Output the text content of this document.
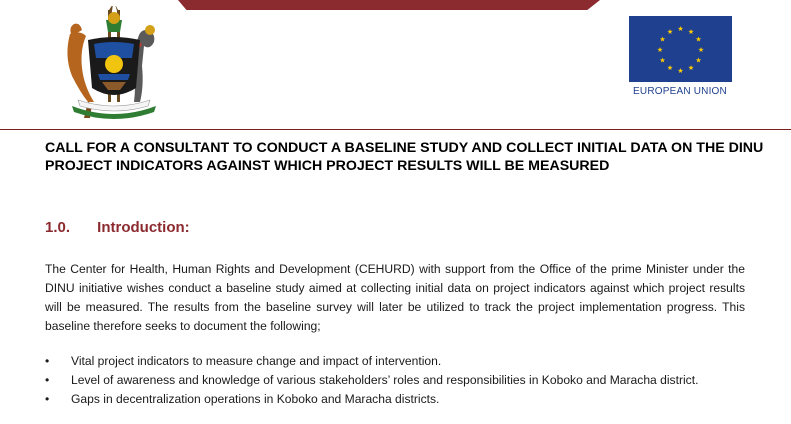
★ ★
★
★
★
★
★
★
★
★
★
★
EUROPEAN UNION
CALL FOR A CONSULTANT TO CONDUCT A BASELINE STUDY AND COLLECT INITIAL DATA ON THE DINU PROJECT INDICATORS AGAINST WHICH PROJECT RESULTS WILL BE MEASURED
1.0. Introduction:
The Center for Health, Human Rights and Development (CEHURD) with support from the Office of the prime Minister under the DINU initiative wishes conduct a baseline study aimed at collecting initial data on project indicators against which project results will be measured. The results from the baseline survey will later be utilized to track the project implementation progress. This baseline therefore seeks to document the following;
• Vital project indicators to measure change and impact of intervention.
• Level of awareness and knowledge of various stakeholders’ roles and responsibilities in Koboko and Maracha district.
• Gaps in decentralization operations in Koboko and Maracha districts.
